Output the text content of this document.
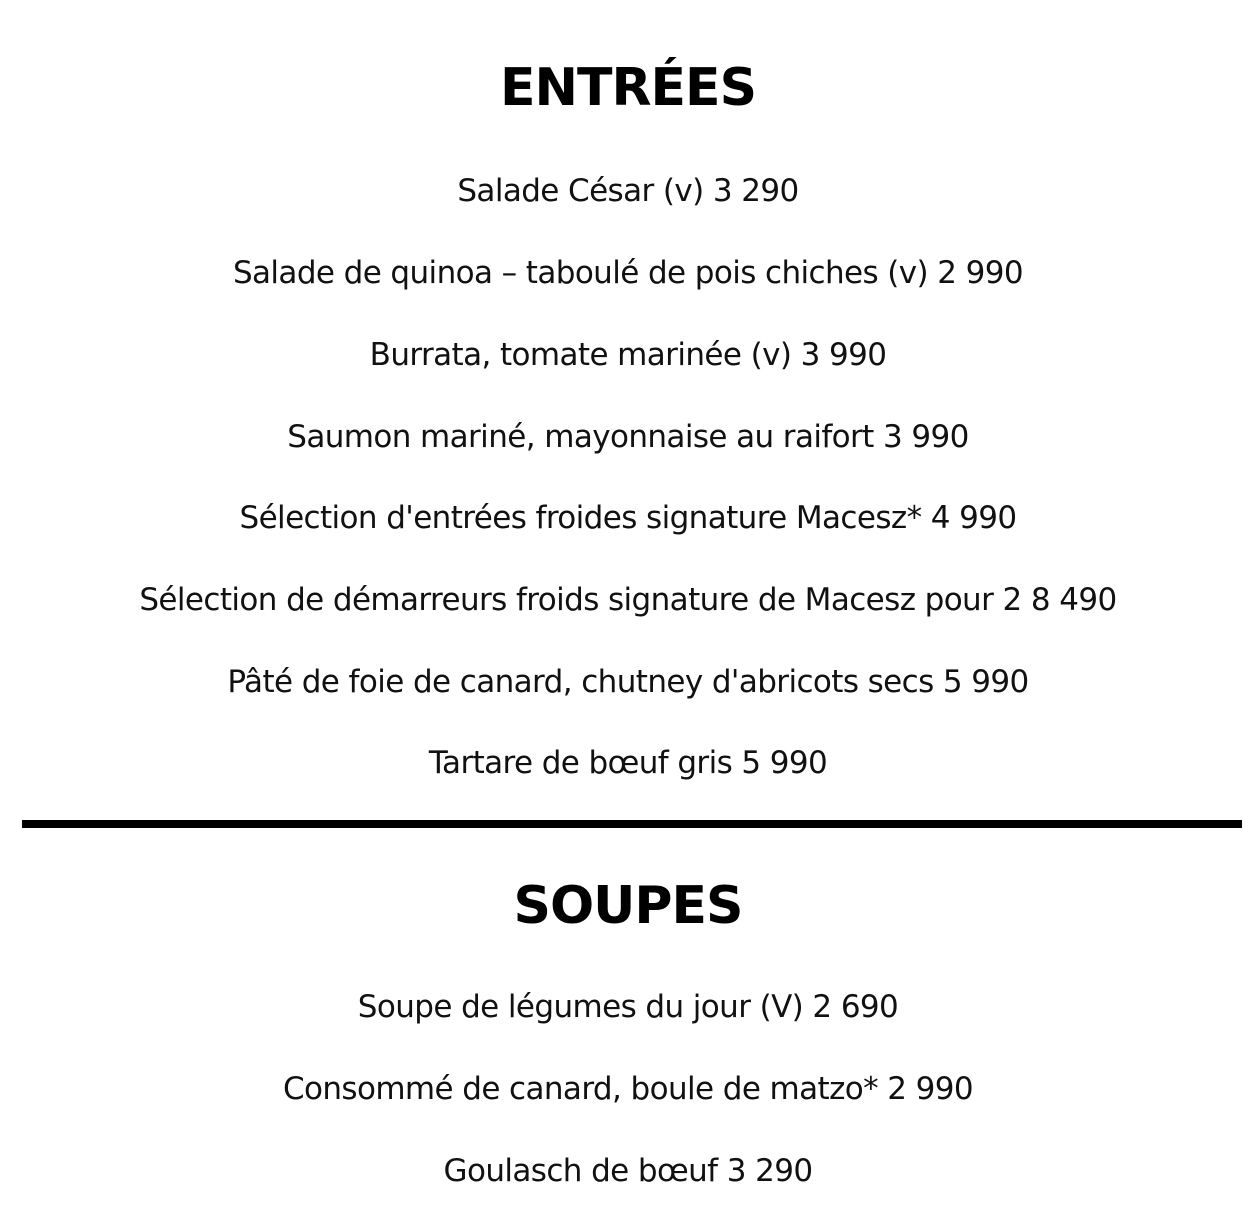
ENTRÉES
Salade César (v) 3 290
Salade de quinoa – taboulé de pois chiches (v) 2 990
Burrata, tomate marinée (v) 3 990
Saumon mariné, mayonnaise au raifort 3 990
Sélection d'entrées froides signature Macesz* 4 990
Sélection de démarreurs froids signature de Macesz pour 2 8 490
Pâté de foie de canard, chutney d'abricots secs 5 990
Tartare de bœuf gris 5 990
SOUPES
Soupe de légumes du jour (V) 2 690
Consommé de canard, boule de matzo* 2 990
Goulasch de bœuf 3 290
